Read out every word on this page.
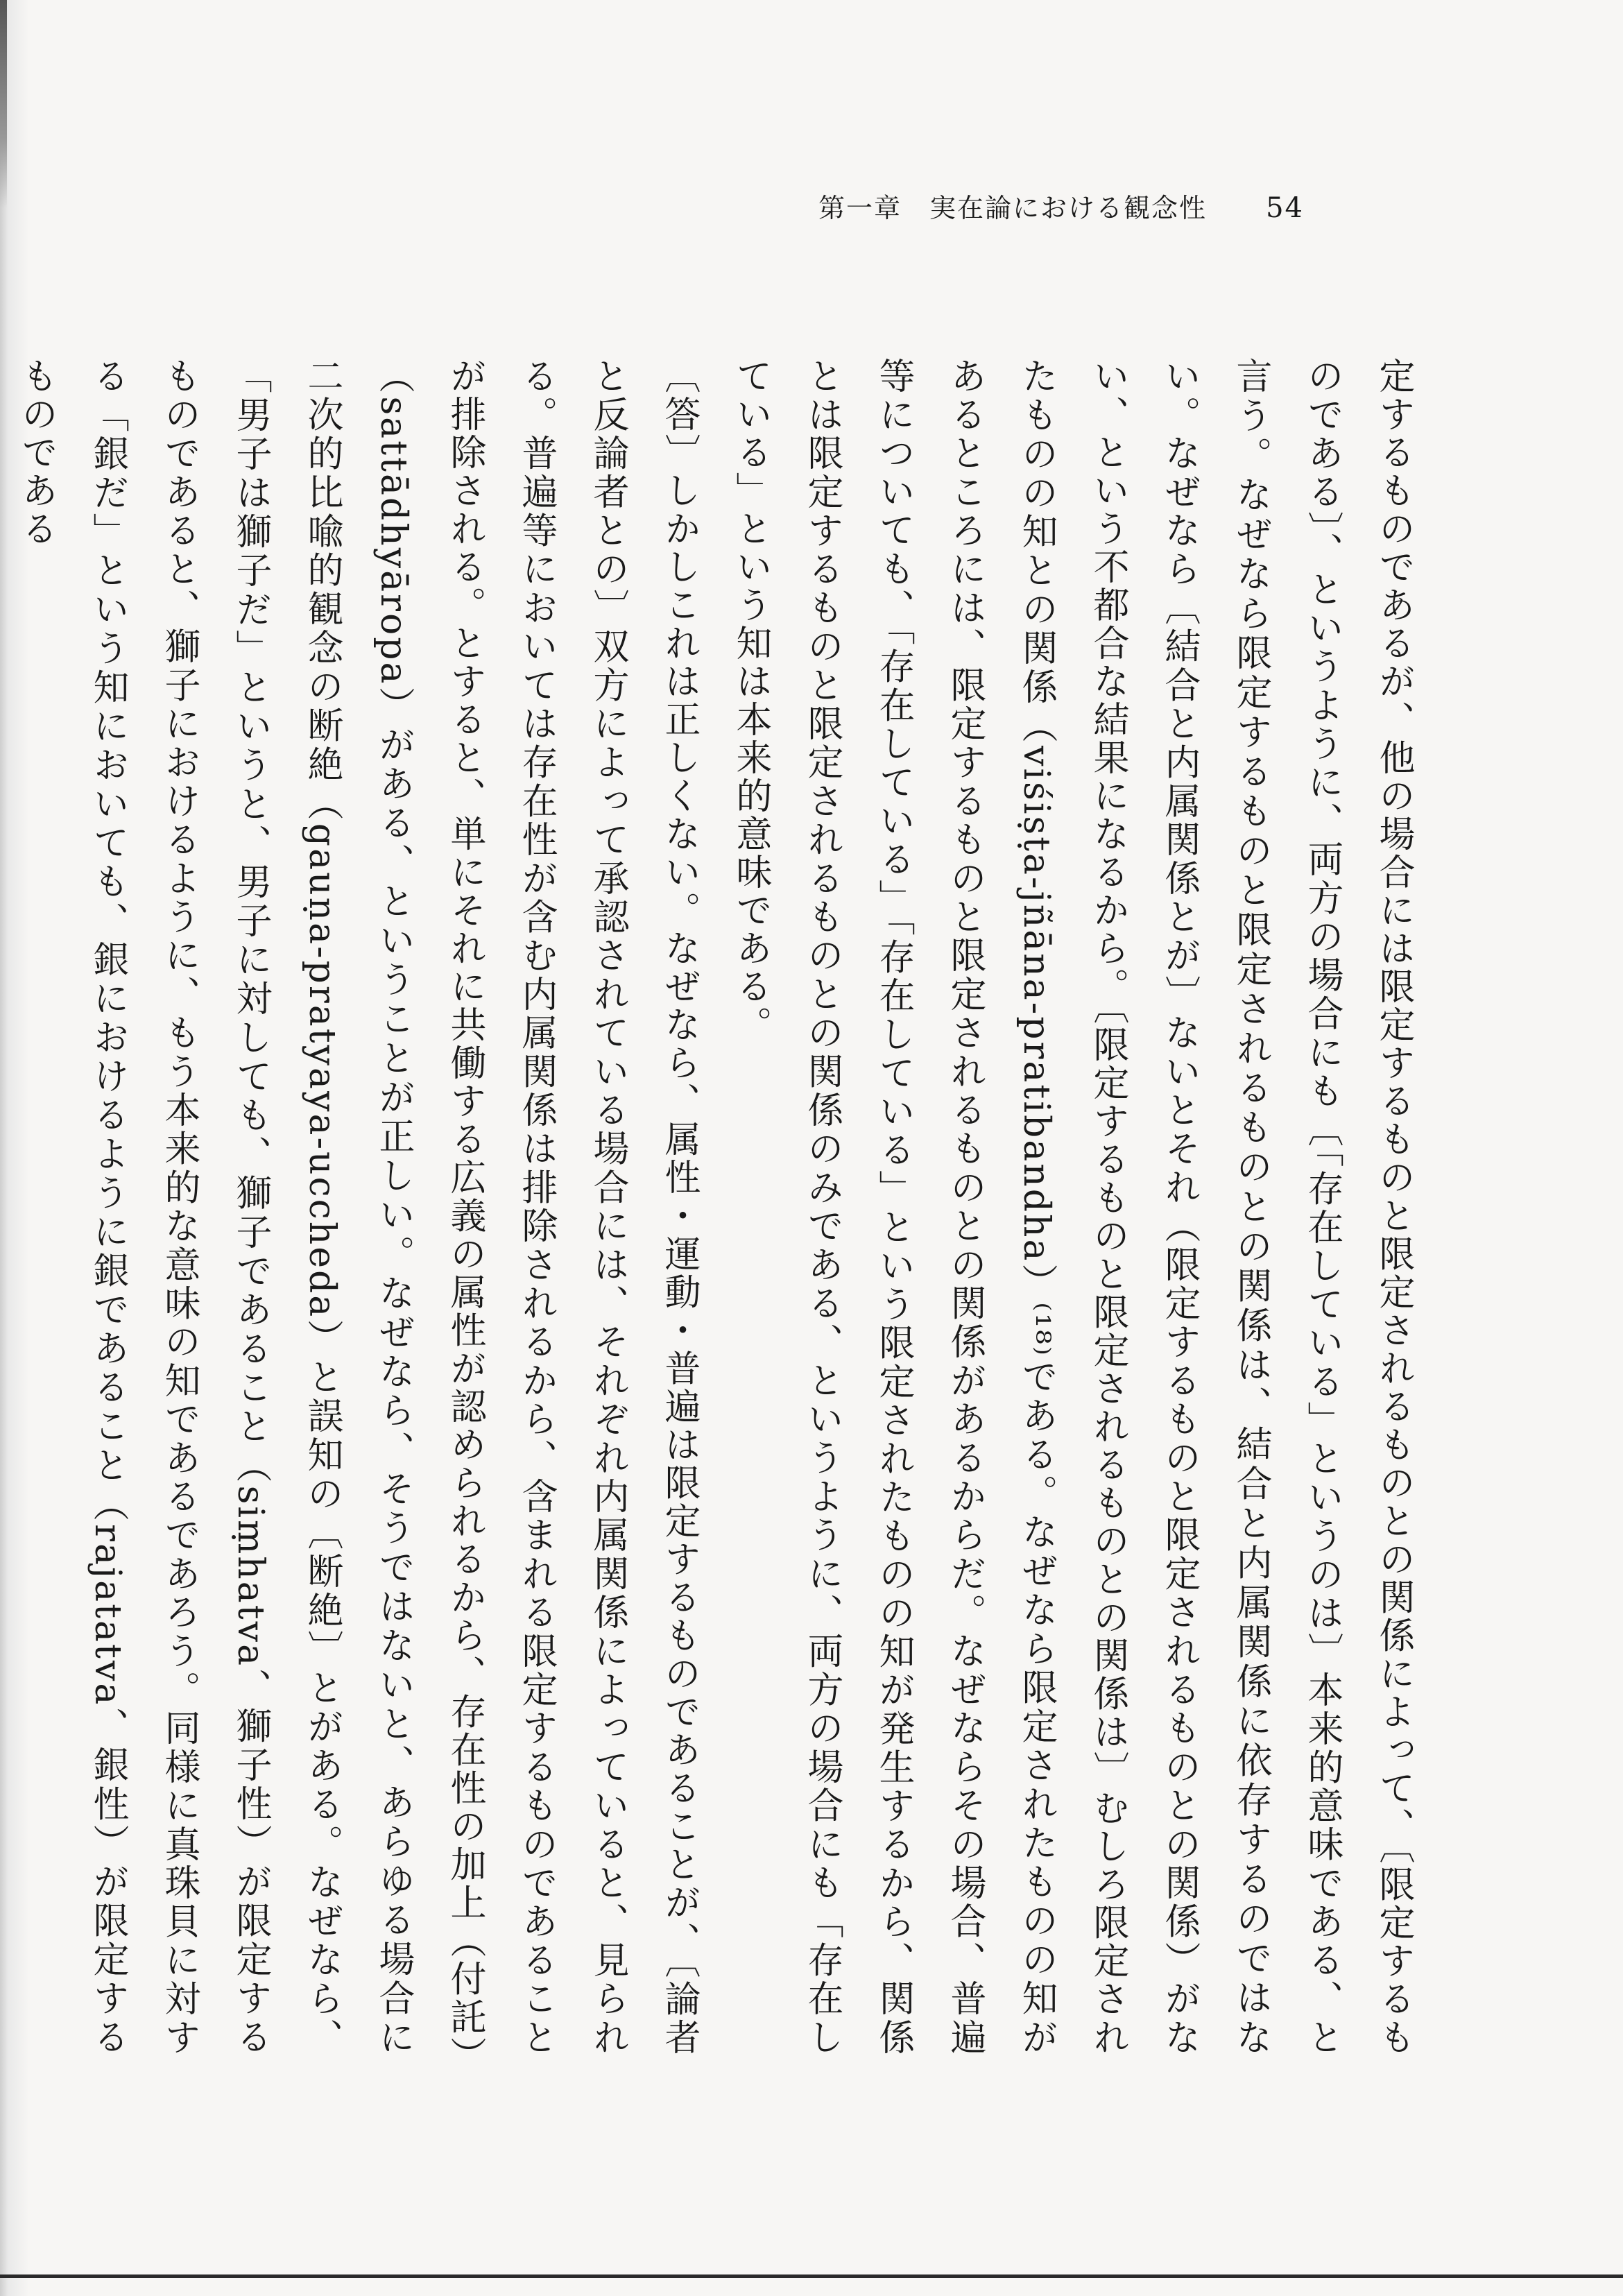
第一章　実在論における観念性 54

定するものであるが、他の場合には限定するものと限定されるものとの関係によって、〔限定するものである〕、というように、両方の場合にも〔「存在している」というのは〕本来的意味である、と言う。なぜなら限定するものと限定されるものとの関係は、結合と内属関係に依存するのではない。なぜなら〔結合と内属関係とが〕ないとそれ（限定するものと限定されるものとの関係）がない、という不都合な結果になるから。〔限定するものと限定されるものとの関係は〕むしろ限定されたものの知との関係（viśiṣṭa-jñāna-pratibandha）⁽¹⁸⁾である。なぜなら限定されたものの知があるところには、限定するものと限定されるものとの関係があるからだ。なぜならその場合、普遍等についても、「存在している」「存在している」という限定されたものの知が発生するから、関係とは限定するものと限定されるものとの関係のみである、というように、両方の場合にも「存在している」という知は本来的意味である。

〔答〕しかしこれは正しくない。なぜなら、属性・運動・普遍は限定するものであることが、〔論者と反論者との〕双方によって承認されている場合には、それぞれ内属関係によっていると、見られる。普遍等においては存在性が含む内属関係は排除されるから、含まれる限定するものであることが排除される。とすると、単にそれに共働する広義の属性が認められるから、存在性の加上（付託）（sattādhyāropa）がある、ということが正しい。なぜなら、そうではないと、あらゆる場合に二次的比喩的観念の断絶（gauṇa-pratyaya-uccheda）と誤知の〔断絶〕とがある。なぜなら、「男子は獅子だ」というと、男子に対しても、獅子であること（siṃhatva、獅子性）が限定するものであると、獅子におけるように、もう本来的な意味の知であるであろう。同様に真珠貝に対する「銀だ」という知においても、銀におけるように銀であること（rajatatva、銀性）が限定するものである
